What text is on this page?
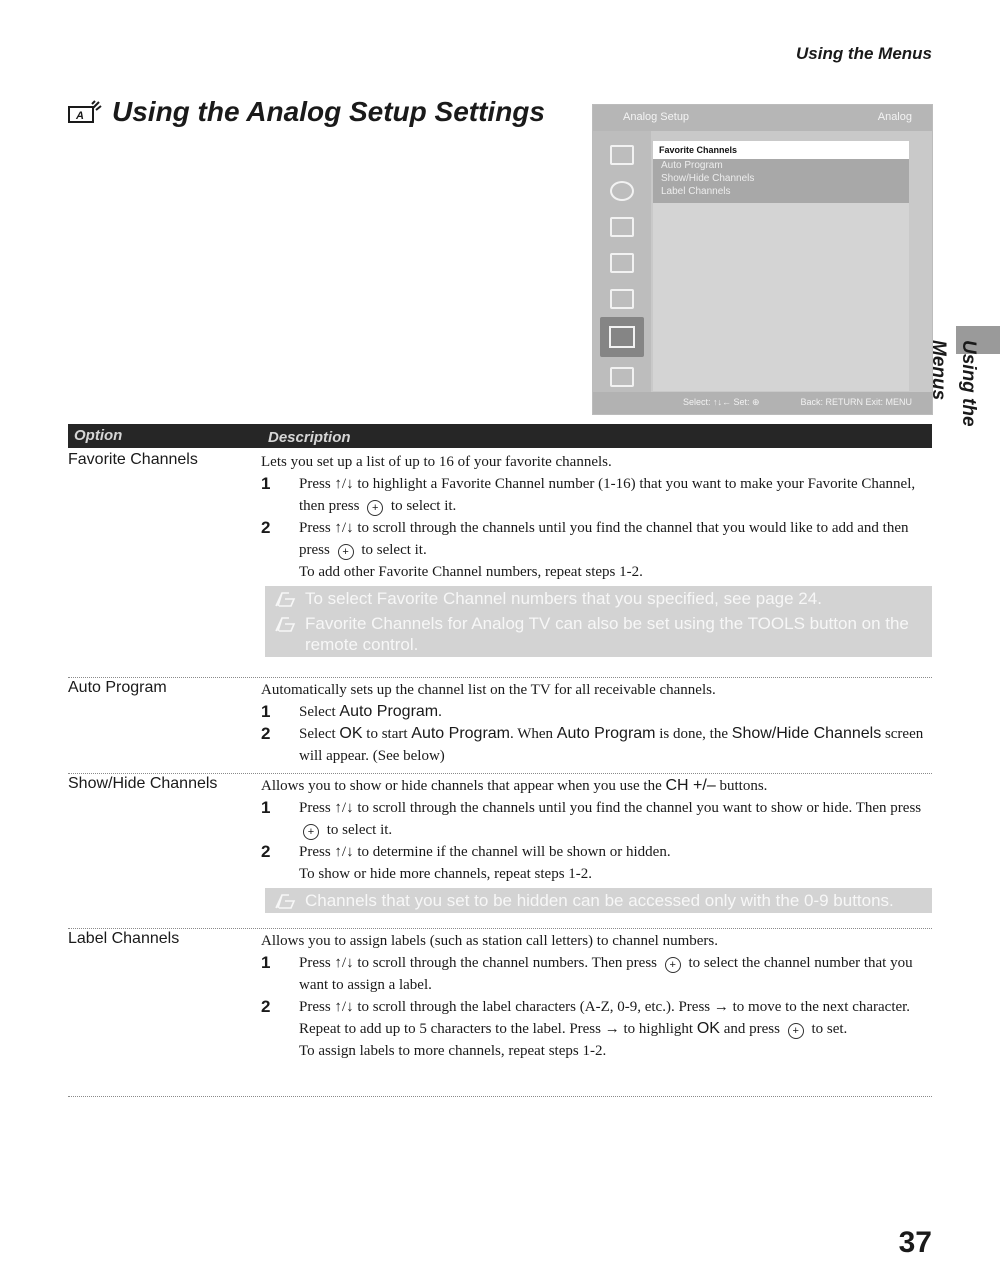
Using the Menus
A Using the Analog Setup Settings	Analog Setup	Analog
Favorite Channels
Auto Program
Show/Hide Channels
Label Channels
Select: ↑↓← Set: ⊕	Back: RETURN Exit: MENU Using the Menus
Option	Description
Favorite Channels	Lets you set up a list of up to 16 of your favorite channels.

1 Press ↑/↓ to highlight a Favorite Channel number (1-16) that you want to make your Favorite Channel, then press + to select it.
2 Press ↑/↓ to scroll through the channels until you find the channel that you would like to add and then press + to select it.
To add other Favorite Channel numbers, repeat steps 1-2.
To select Favorite Channel numbers that you specified, see page 24.
Favorite Channels for Analog TV can also be set using the TOOLS button on the remote control.
Auto Program	Automatically sets up the channel list on the TV for all receivable channels.

1 Select Auto Program.
2 Select OK to start Auto Program. When Auto Program is done, the Show/Hide Channels screen will appear. (See below)
Show/Hide Channels	Allows you to show or hide channels that appear when you use the CH +/– buttons.

1 Press ↑/↓ to scroll through the channels until you find the channel you want to show or hide. Then press + to select it.
2 Press ↑/↓ to determine if the channel will be shown or hidden.
To show or hide more channels, repeat steps 1-2.
Channels that you set to be hidden can be accessed only with the 0-9 buttons.
Label Channels	Allows you to assign labels (such as station call letters) to channel numbers.

1 Press ↑/↓ to scroll through the channel numbers. Then press + to select the channel number that you want to assign a label.
2 Press ↑/↓ to scroll through the label characters (A-Z, 0-9, etc.). Press → to move to the next character. Repeat to add up to 5 characters to the label. Press → to highlight OK and press + to set.
To assign labels to more channels, repeat steps 1-2.
37
